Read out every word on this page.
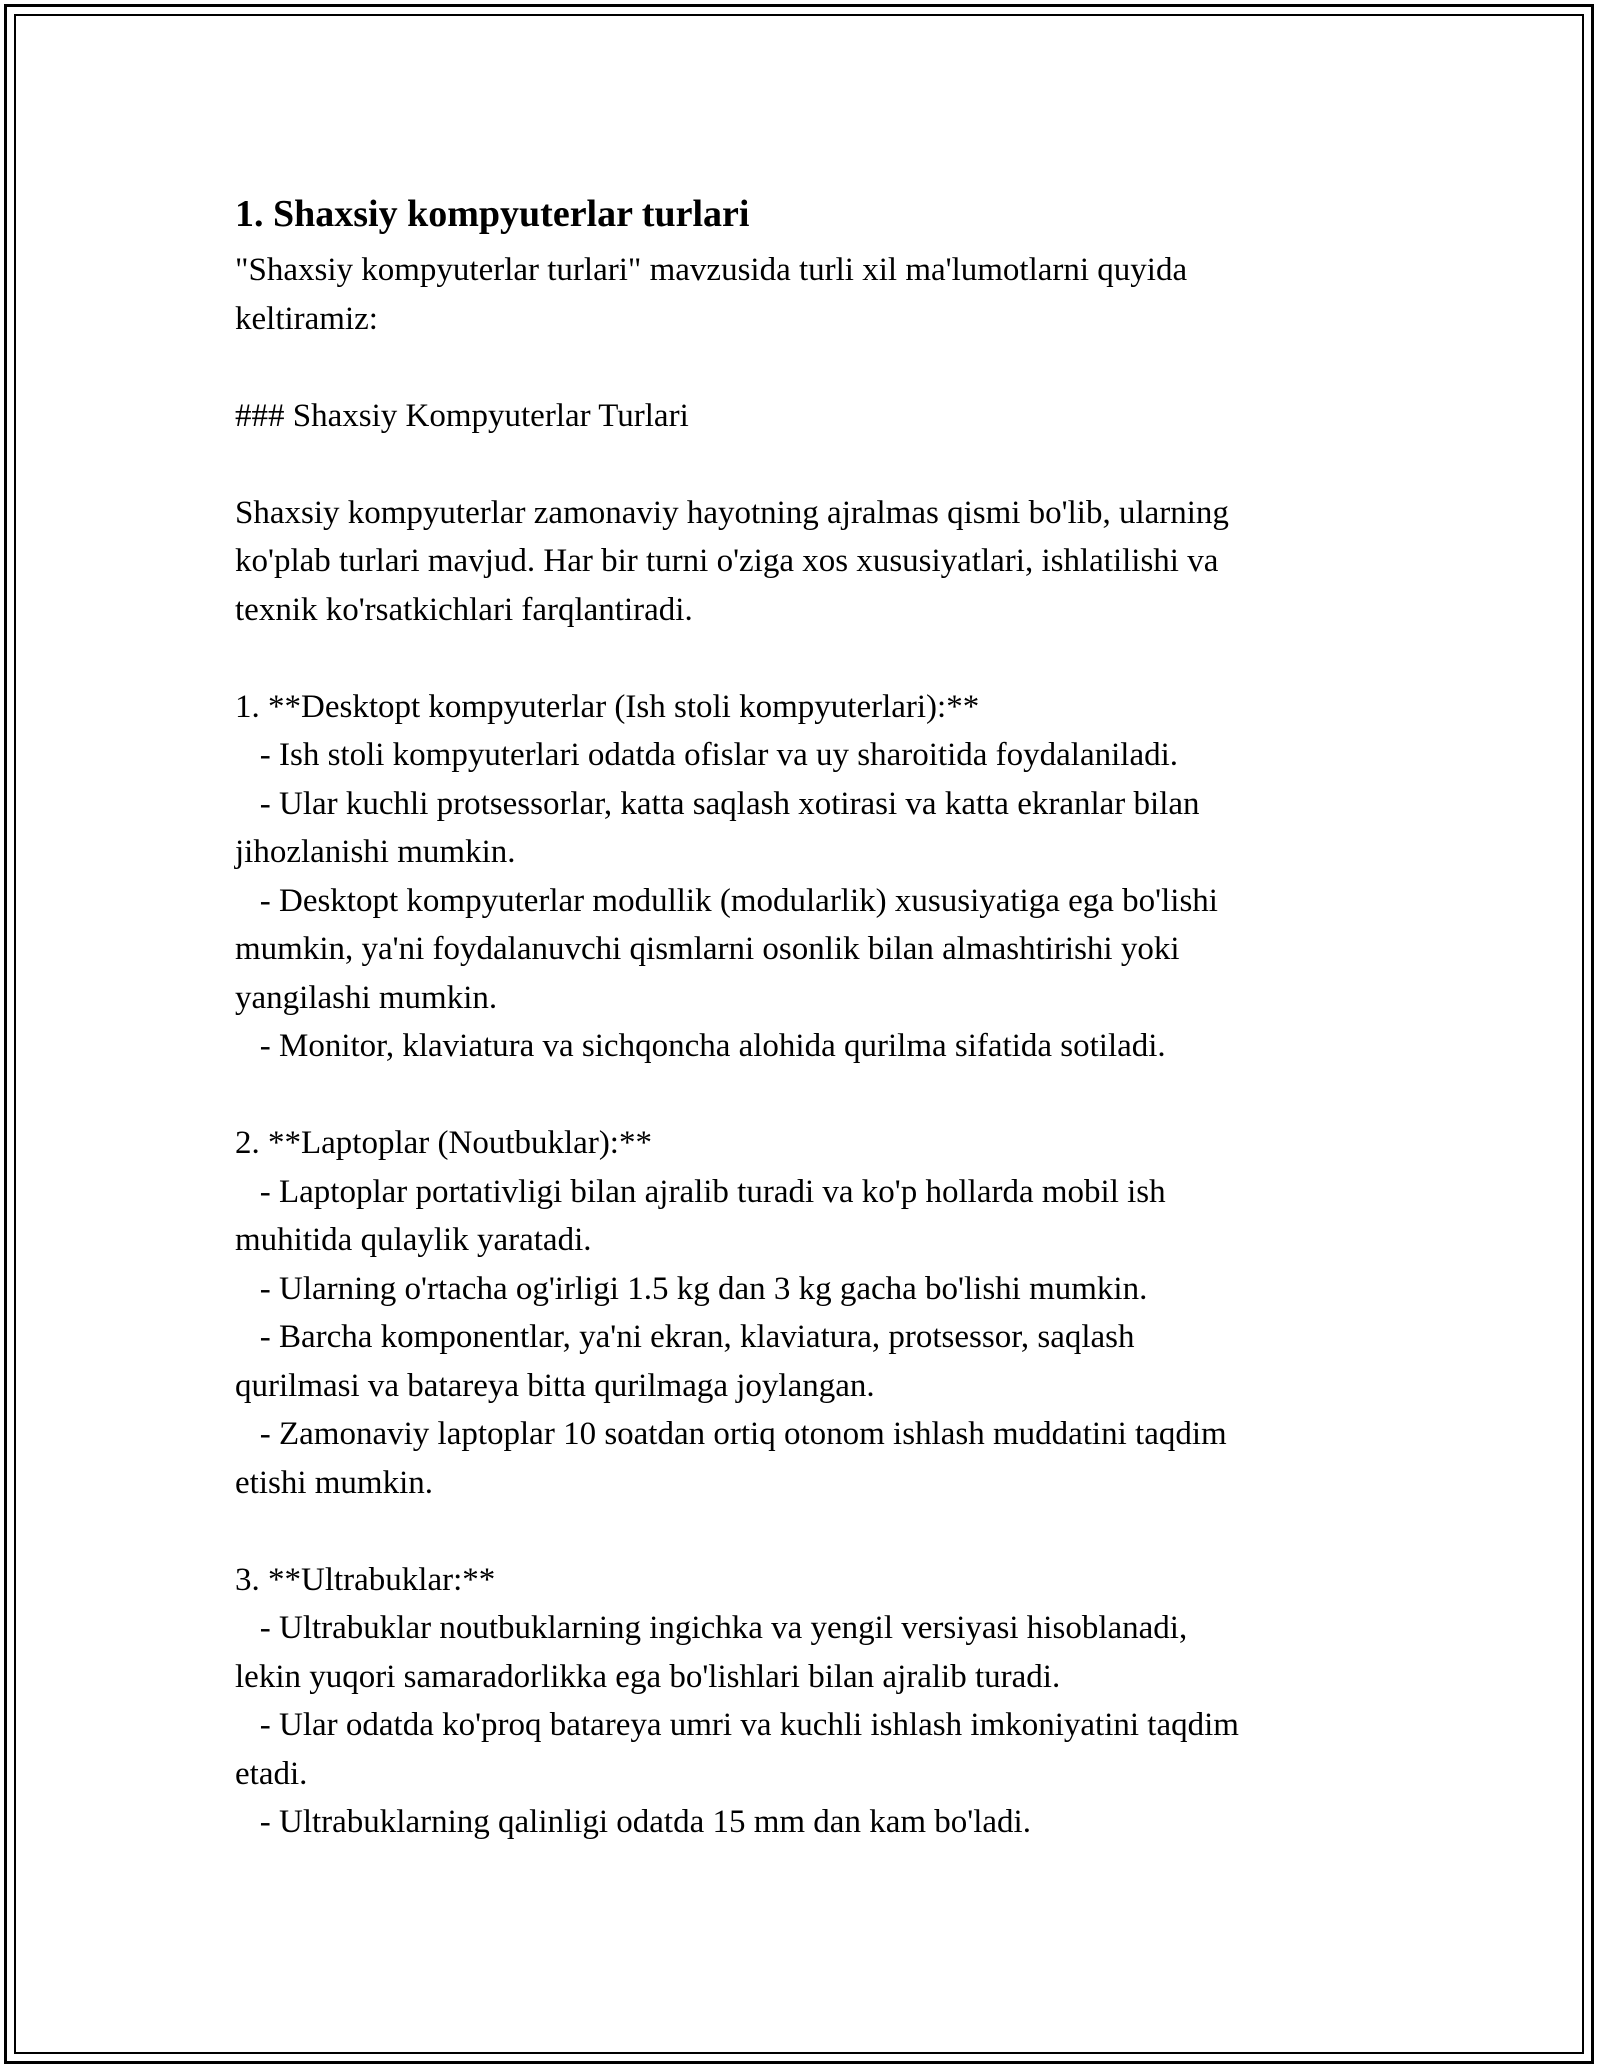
1. Shaxsiy kompyuterlar turlari

"Shaxsiy kompyuterlar turlari" mavzusida turli xil ma'lumotlarni quyida
keltiramiz:

### Shaxsiy Kompyuterlar Turlari

Shaxsiy kompyuterlar zamonaviy hayotning ajralmas qismi bo'lib, ularning
ko'plab turlari mavjud. Har bir turni o'ziga xos xususiyatlari, ishlatilishi va
texnik ko'rsatkichlari farqlantiradi.

1. **Desktopt kompyuterlar (Ish stoli kompyuterlari):**

- Ish stoli kompyuterlari odatda ofislar va uy sharoitida foydalaniladi.
- Ular kuchli protsessorlar, katta saqlash xotirasi va katta ekranlar bilan
jihozlanishi mumkin.
- Desktopt kompyuterlar modullik (modularlik) xususiyatiga ega bo'lishi
mumkin, ya'ni foydalanuvchi qismlarni osonlik bilan almashtirishi yoki
yangilashi mumkin.
- Monitor, klaviatura va sichqoncha alohida qurilma sifatida sotiladi.

2. **Laptoplar (Noutbuklar):**

- Laptoplar portativligi bilan ajralib turadi va ko'p hollarda mobil ish
muhitida qulaylik yaratadi.
- Ularning o'rtacha og'irligi 1.5 kg dan 3 kg gacha bo'lishi mumkin.
- Barcha komponentlar, ya'ni ekran, klaviatura, protsessor, saqlash
qurilmasi va batareya bitta qurilmaga joylangan.
- Zamonaviy laptoplar 10 soatdan ortiq otonom ishlash muddatini taqdim
etishi mumkin.

3. **Ultrabuklar:**

- Ultrabuklar noutbuklarning ingichka va yengil versiyasi hisoblanadi,
lekin yuqori samaradorlikka ega bo'lishlari bilan ajralib turadi.
- Ular odatda ko'proq batareya umri va kuchli ishlash imkoniyatini taqdim
etadi.
- Ultrabuklarning qalinligi odatda 15 mm dan kam bo'ladi.
